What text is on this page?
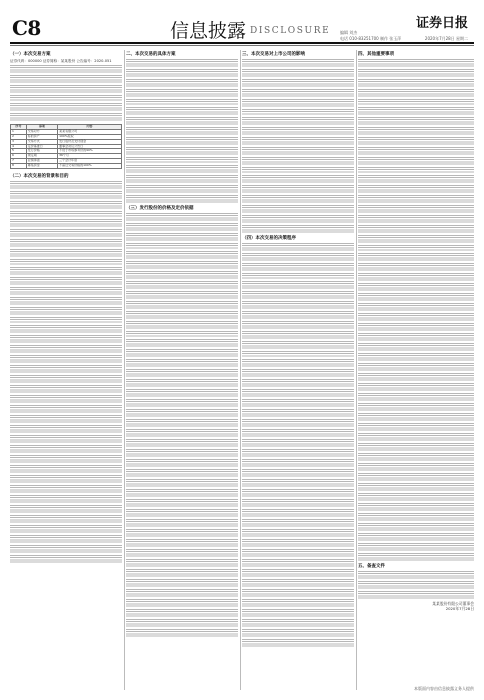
C8	信息披露 DISCLOSURE	证券日报
编辑 刘杰
电话 010-83251700 制作 张玉萍	2020年7月28日 星期二
（一）本次交易方案
证券代码：000000 证券简称：某某股份 公告编号：2020-051
序号	事项	内容
1	交易对方	某某有限公司
2	标的资产	100%股权
3	交易方式	发行股份及支付现金
4	定价基准日	董事会决议公告日
5	发行价格	不低于市场参考价的90%
6	锁定期	36个月
7	业绩承诺	三个会计年度
8	募集资金	不超过交易价格的100%
（二）本次交易的背景和目的
二、本次交易的具体方案
（三）发行股份的价格及定价依据
三、本次交易对上市公司的影响
（四）本次交易的决策程序
四、其他重要事项
五、备查文件
某某股份有限公司董事会
2020年7月28日
本版面内容由信息披露义务人提供
